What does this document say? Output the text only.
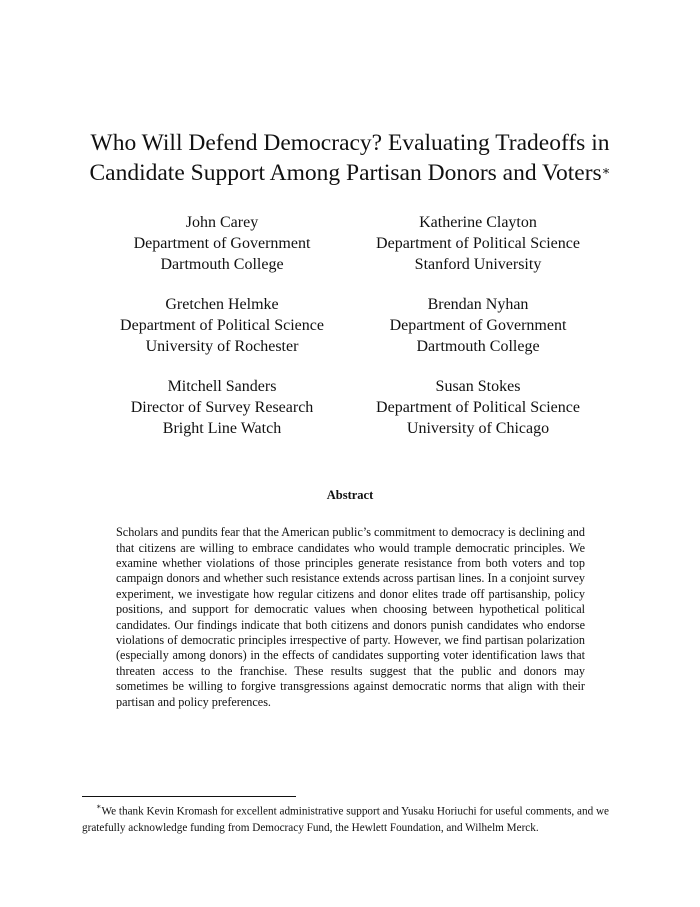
Who Will Defend Democracy? Evaluating Tradeoffs in
Candidate Support Among Partisan Donors and Voters∗
John Carey
Department of Government
Dartmouth College
Katherine Clayton
Department of Political Science
Stanford University
Gretchen Helmke
Department of Political Science
University of Rochester
Brendan Nyhan
Department of Government
Dartmouth College
Mitchell Sanders
Director of Survey Research
Bright Line Watch
Susan Stokes
Department of Political Science
University of Chicago
Abstract

Scholars and pundits fear that the American public’s commitment to democracy is declining and that citizens are willing to embrace candidates who would trample democratic principles. We examine whether violations of those principles generate resistance from both voters and top campaign donors and whether such resistance extends across partisan lines. In a conjoint survey experiment, we investigate how regular citizens and donor elites trade off partisanship, policy positions, and support for democratic values when choosing between hypothetical political candidates. Our findings indicate that both citizens and donors punish candidates who endorse violations of democratic principles irrespective of party. However, we find partisan polarization (especially among donors) in the effects of candidates supporting voter identification laws that threaten access to the franchise. These results suggest that the public and donors may sometimes be willing to forgive transgressions against democratic norms that align with their partisan and policy preferences.

∗We thank Kevin Kromash for excellent administrative support and Yusaku Horiuchi for useful comments, and we gratefully acknowledge funding from Democracy Fund, the Hewlett Foundation, and Wilhelm Merck.
